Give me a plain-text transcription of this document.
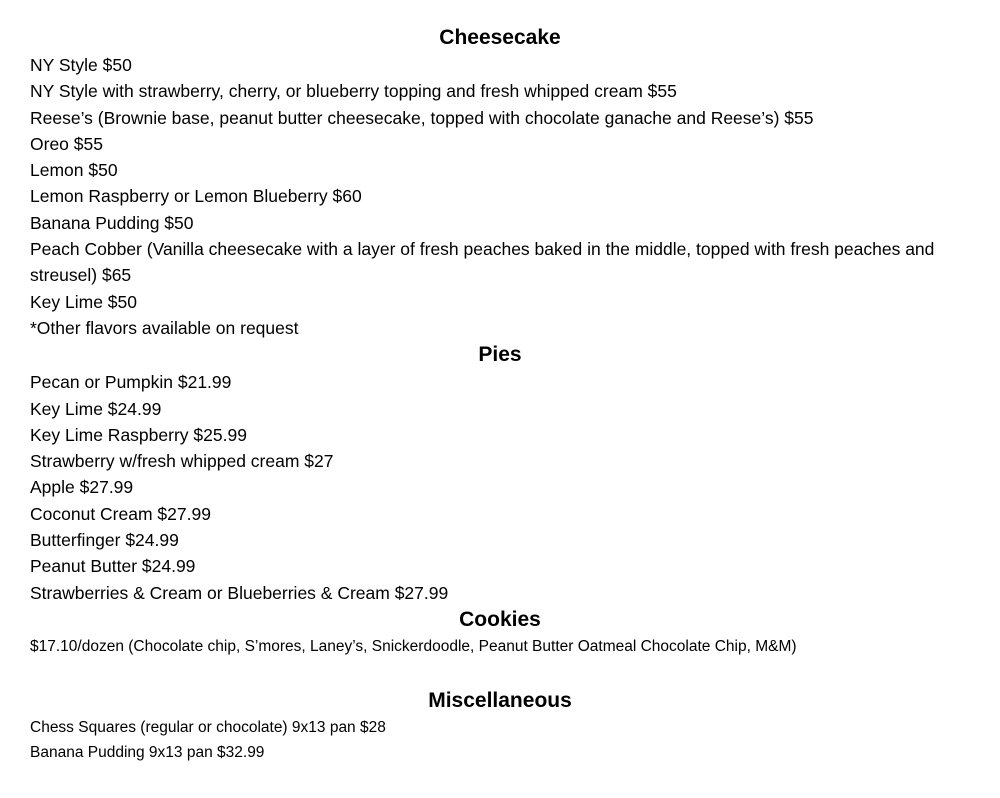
Cheesecake

NY Style $50

NY Style with strawberry, cherry, or blueberry topping and fresh whipped cream $55

Reese’s (Brownie base, peanut butter cheesecake, topped with chocolate ganache and Reese’s) $55

Oreo $55

Lemon $50

Lemon Raspberry or Lemon Blueberry $60

Banana Pudding $50

Peach Cobber (Vanilla cheesecake with a layer of fresh peaches baked in the middle, topped with fresh peaches and

streusel) $65

Key Lime $50

*Other flavors available on request

Pies

Pecan or Pumpkin $21.99

Key Lime $24.99

Key Lime Raspberry $25.99

Strawberry w/fresh whipped cream $27

Apple $27.99

Coconut Cream $27.99

Butterfinger $24.99

Peanut Butter $24.99

Strawberries & Cream or Blueberries & Cream $27.99

Cookies

$17.10/dozen (Chocolate chip, S’mores, Laney’s, Snickerdoodle, Peanut Butter Oatmeal Chocolate Chip, M&M)

Miscellaneous

Chess Squares (regular or chocolate) 9x13 pan $28

Banana Pudding 9x13 pan $32.99
